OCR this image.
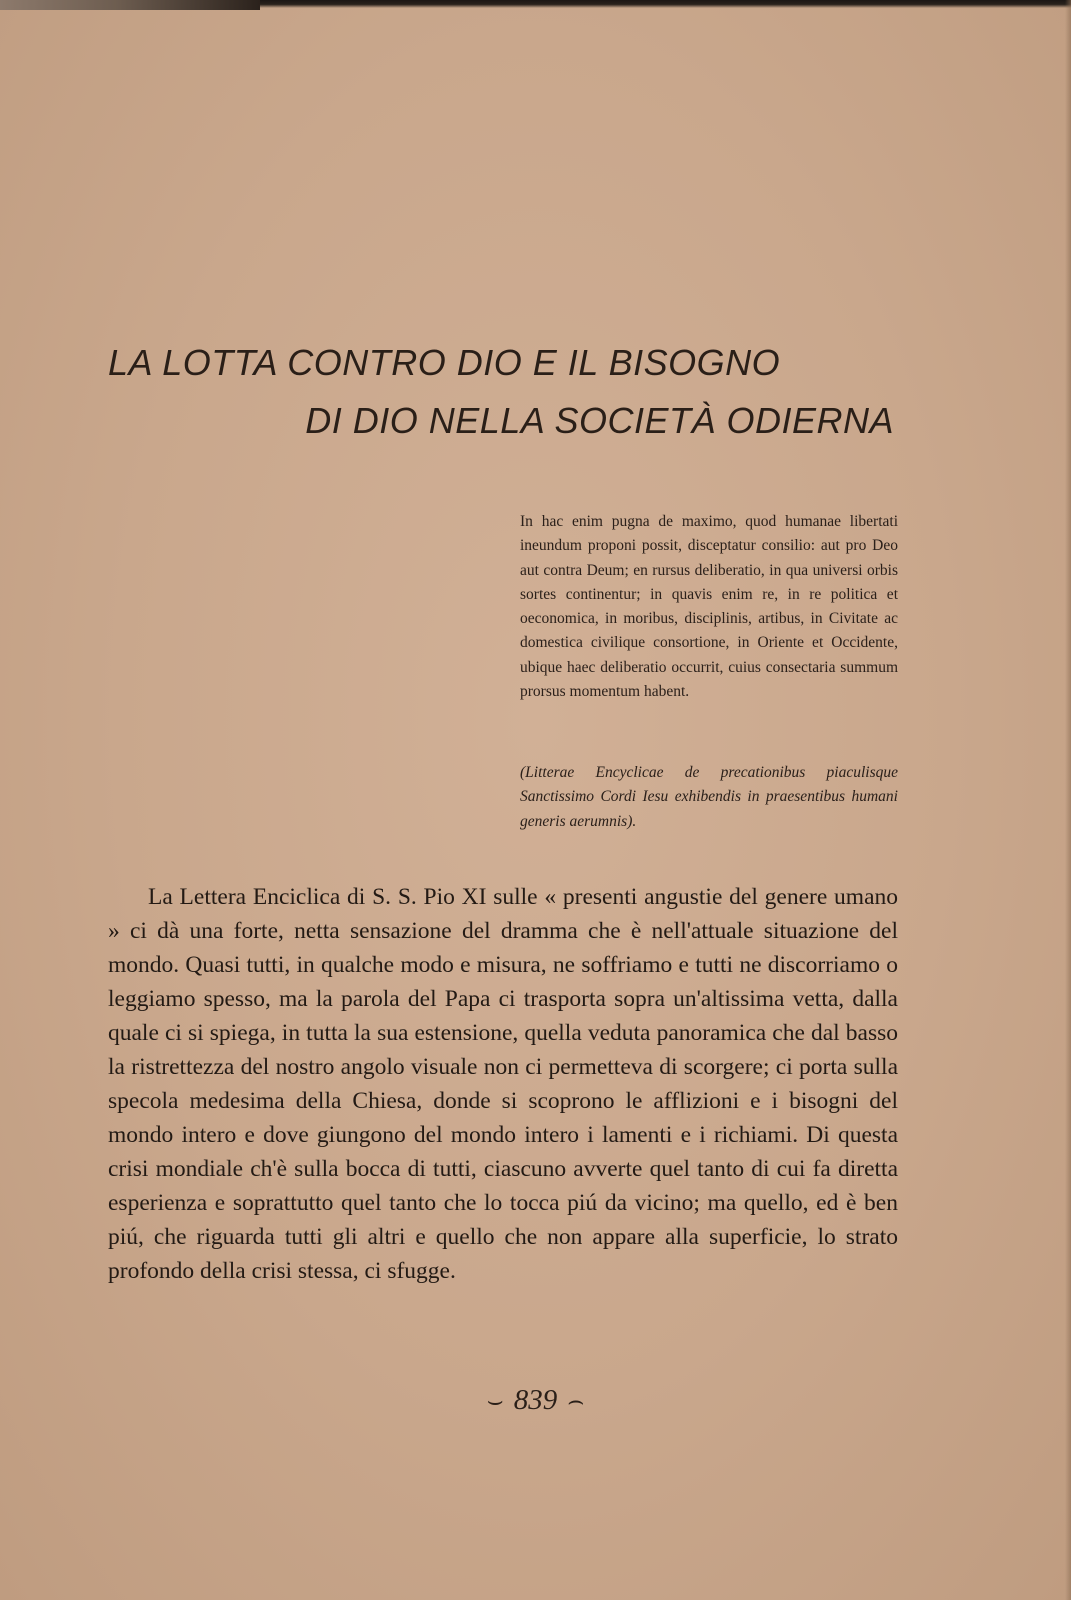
LA LOTTA CONTRO DIO E IL BISOGNO
DI DIO NELLA SOCIETÀ ODIERNA

In hac enim pugna de maximo, quod humanae libertati ineundum proponi possit, disceptatur consilio: aut pro Deo aut contra Deum; en rursus deliberatio, in qua universi orbis sortes continentur; in quavis enim re, in re politica et oeconomica, in moribus, disciplinis, artibus, in Civitate ac domestica civilique consortione, in Oriente et Occidente, ubique haec deliberatio occurrit, cuius consectaria summum prorsus momentum habent.

(Litterae Encyclicae de precationibus piaculisque Sanctissimo Cordi Iesu exhibendis in praesentibus humani generis aerumnis).

La Lettera Enciclica di S. S. Pio XI sulle « presenti angustie del genere umano » ci dà una forte, netta sensazione del dramma che è nell'attuale situazione del mondo. Quasi tutti, in qualche modo e misura, ne soffriamo e tutti ne discorriamo o leggiamo spesso, ma la parola del Papa ci trasporta sopra un'altissima vetta, dalla quale ci si spiega, in tutta la sua estensione, quella veduta panoramica che dal basso la ristrettezza del nostro angolo visuale non ci permetteva di scorgere; ci porta sulla specola medesima della Chiesa, donde si scoprono le afflizioni e i bisogni del mondo intero e dove giungono del mondo intero i lamenti e i richiami. Di questa crisi mondiale ch'è sulla bocca di tutti, ciascuno avverte quel tanto di cui fa diretta esperienza e soprattutto quel tanto che lo tocca piú da vicino; ma quello, ed è ben piú, che riguarda tutti gli altri e quello che non appare alla superficie, lo strato profondo della crisi stessa, ci sfugge.

⌣ 839 ⌢
